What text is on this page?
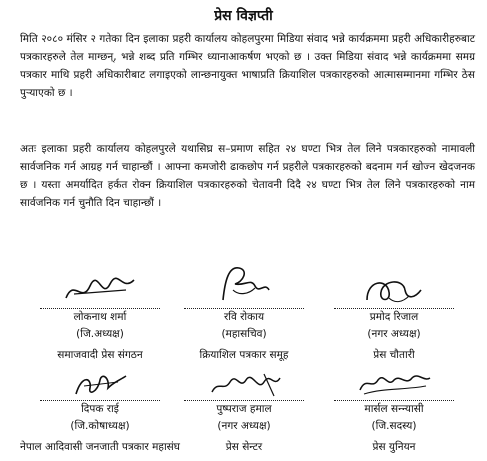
प्रेस विज्ञप्ती

मिति २०८० मंसिर २ गतेका दिन इलाका प्रहरी कार्यालय कोहलपुरमा मिडिया संवाद भन्ने कार्यक्रममा प्रहरी अधिकारीहरुबाट पत्रकारहरुले तेल माग्छन्, भन्ने शब्द प्रति गम्भिर ध्यानाआकर्षण भएको छ । उक्त मिडिया संवाद भन्ने कार्यक्रममा समग्र पत्रकार माथि प्रहरी अधिकारीबाट लगाइएको लान्छनायुक्त भाषाप्रति क्रियाशिल पत्रकारहरुको आत्मासम्मानमा गम्भिर ठेस पुऱ्याएको छ ।

अतः इलाका प्रहरी कार्यालय कोहलपुरले यथासिघ्र स–प्रमाण सहित २४ घण्टा भित्र तेल लिने पत्रकारहरुको नामावली सार्वजनिक गर्न आग्रह गर्न चाहान्छौं । आफ्ना कमजोरी ढाकछोप गर्न प्रहरीले पत्रकारहरुको बदनाम गर्न खोज्न खेदजनक छ । यस्ता अमर्यादित हर्कत रोक्न क्रियाशिल पत्रकारहरुको चेतावनी दिदै २४ घण्टा भित्र तेल लिने पत्रकारहरुको नाम सार्वजनिक गर्न चुनौति दिन चाहान्छौं ।

लोकनाथ शर्मा
(जि.अध्यक्ष)
समाजवादी प्रेस संगठन
रवि रोकाय
(महासचिव)
क्रियाशिल पत्रकार समूह
प्रमोद रिजाल
(नगर अध्यक्ष)
प्रेस चौतारी
दिपक राई
(जि.कोषाध्यक्ष)
नेपाल आदिवासी जनजाती पत्रकार महासंघ
पुष्पराज हमाल
(नगर अध्यक्ष)
प्रेस सेन्टर
मार्सल सन्न्यासी
(जि.सदस्य)
प्रेस युनियन
